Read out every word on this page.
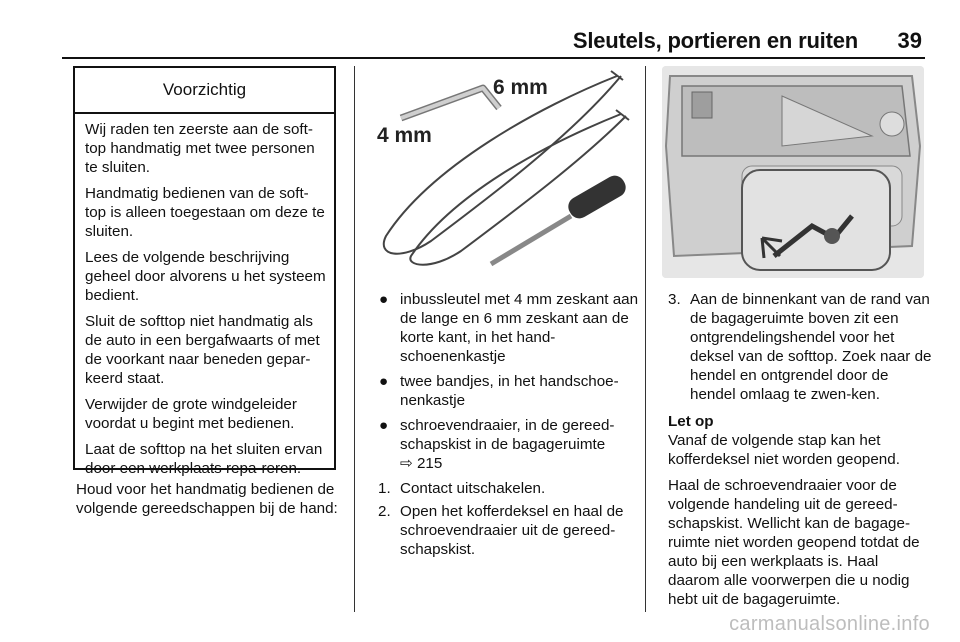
Sleutels, portieren en ruiten 39
Voorzichtig

Wij raden ten zeerste aan de soft-top handmatig met twee personen te sluiten.

Handmatig bedienen van de soft-top is alleen toegestaan om deze te sluiten.

Lees de volgende beschrijving geheel door alvorens u het systeem bedient.

Sluit de softtop niet handmatig als de auto in een bergafwaarts of met de voorkant naar beneden gepar-keerd staat.

Verwijder de grote windgeleider voordat u begint met bedienen.

Laat de softtop na het sluiten ervan door een werkplaats repa-reren.

Houd voor het handmatig bedienen de volgende gereedschappen bij de hand:

6 mm
4 mm
● inbussleutel met 4 mm zeskant aan de lange en 6 mm zeskant aan de korte kant, in het hand-schoenenkastje
● twee bandjes, in het handschoe-nenkastje
● schroevendraaier, in de gereed-schapskist in de bagageruimte
⇨ 215
1. Contact uitschakelen.
2. Open het kofferdeksel en haal de schroevendraaier uit de gereed-schapskist.
3. Aan de binnenkant van de rand van de bagageruimte boven zit een ontgrendelingshendel voor het deksel van de softtop. Zoek naar de hendel en ontgrendel door de hendel omlaag te zwen-ken.

Let op

Vanaf de volgende stap kan het kofferdeksel niet worden geopend.

Haal de schroevendraaier voor de volgende handeling uit de gereed-schapskist. Wellicht kan de bagage-ruimte niet worden geopend totdat de auto bij een werkplaats is. Haal daarom alle voorwerpen die u nodig hebt uit de bagageruimte.

carmanualsonline.info
